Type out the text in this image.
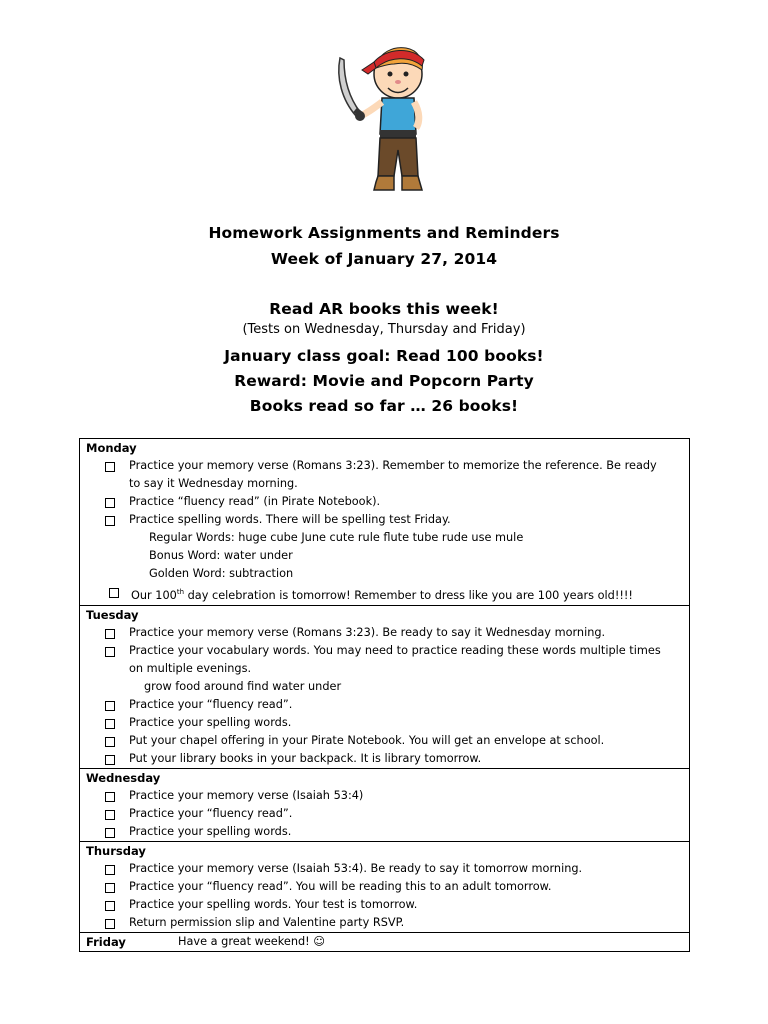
Homework Assignments and Reminders
Week of January 27, 2014
Read AR books this week!
(Tests on Wednesday, Thursday and Friday)
January class goal: Read 100 books!
Reward: Movie and Popcorn Party
Books read so far … 26 books!
Monday
Practice your memory verse (Romans 3:23). Remember to memorize the reference. Be ready
to say it Wednesday morning.
Practice “fluency read” (in Pirate Notebook).
Practice spelling words. There will be spelling test Friday.
Regular Words: huge cube June cute rule flute tube rude use mule
Bonus Word: water under
Golden Word: subtraction
Our 100th day celebration is tomorrow! Remember to dress like you are 100 years old!!!!

Tuesday
Practice your memory verse (Romans 3:23). Be ready to say it Wednesday morning.
Practice your vocabulary words. You may need to practice reading these words multiple times
on multiple evenings.
grow food around find water under
Practice your “fluency read”.
Practice your spelling words.
Put your chapel offering in your Pirate Notebook. You will get an envelope at school.
Put your library books in your backpack. It is library tomorrow.

Wednesday
Practice your memory verse (Isaiah 53:4)
Practice your “fluency read”.
Practice your spelling words.

Thursday
Practice your memory verse (Isaiah 53:4). Be ready to say it tomorrow morning.
Practice your “fluency read”. You will be reading this to an adult tomorrow.
Practice your spelling words. Your test is tomorrow.
Return permission slip and Valentine party RSVP.

Friday	Have a great weekend! ☺
